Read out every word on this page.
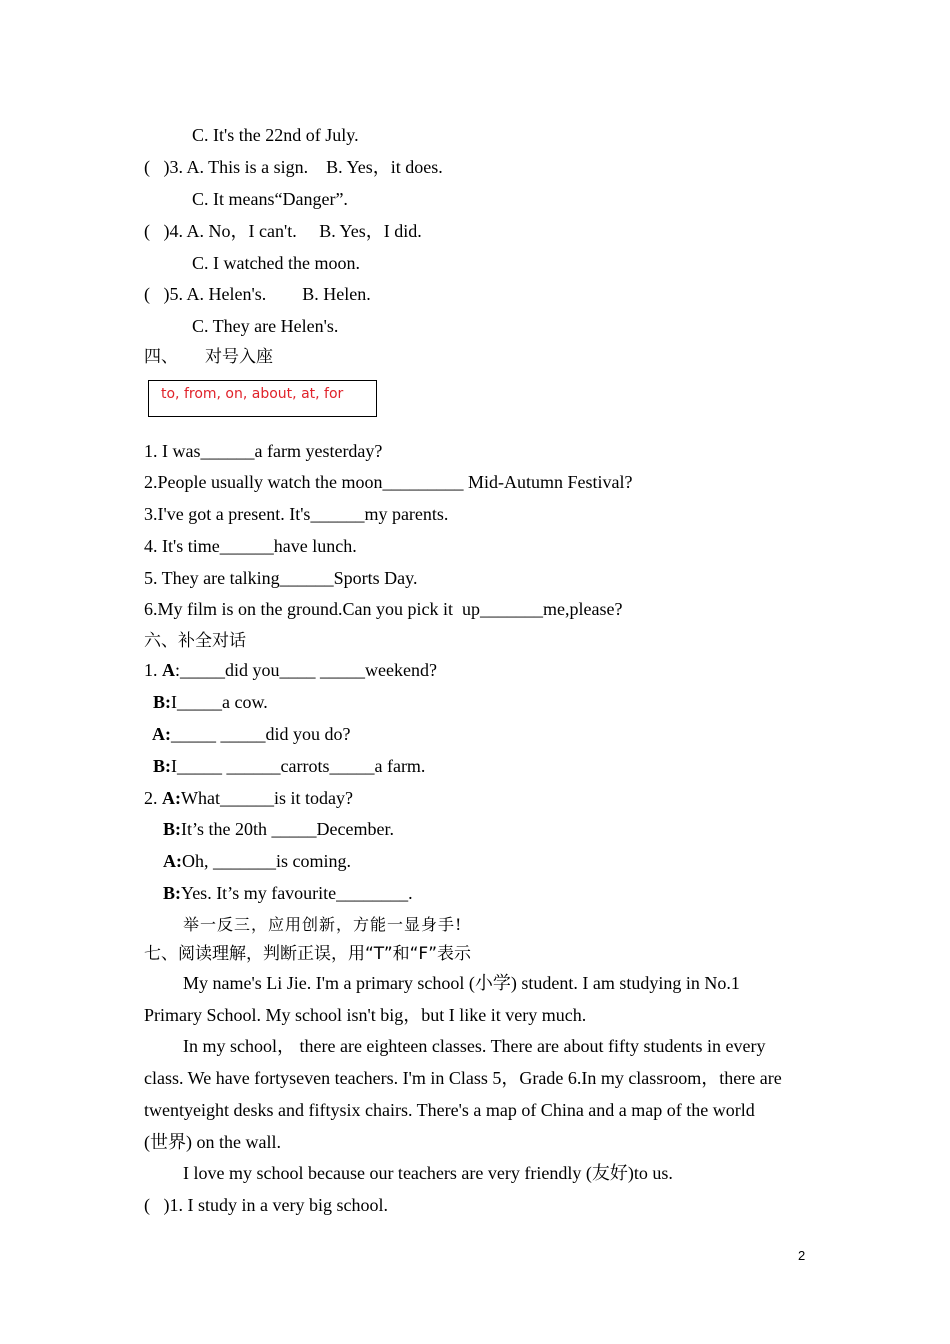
C. It's the 22nd of July.
(   )3. A. This is a sign.    B. Yes，it does.
C. It means“Danger”.
(   )4. A. No，I can't.     B. Yes，I did.
C. I watched the moon.
(   )5. A. Helen's.        B. Helen.
C. They are Helen's.
四、     对号入座
to, from, on, about, at, for
1. I was______a farm yesterday?
2.People usually watch the moon_________ Mid-Autumn Festival?
3.I've got a present. It's______my parents.
4. It's time______have lunch.
5. They are talking______Sports Day.
6.My film is on the ground.Can you pick it  up_______me,please?
六、补全对话
1. A:_____did you____ _____weekend?
B:I_____a cow.
A:_____ _____did you do?
B:I_____ ______carrots_____a farm.
2. A:What______is it today?
B:It’s the 20th _____December.
A:Oh, _______is coming.
B:Yes. It’s my favourite________.
举一反三，应用创新，方能一显身手!
七、阅读理解，判断正误，用“T”和“F”表示
My name's Li Jie. I'm a primary school (小学) student. I am studying in No.1
Primary School. My school isn't big，but I like it very much.
In my school， there are eighteen classes. There are about fifty students in every
class. We have fortyseven teachers. I'm in Class 5，Grade 6.In my classroom，there are
twentyeight desks and fiftysix chairs. There's a map of China and a map of the world
(世界) on the wall.
I love my school because our teachers are very friendly (友好)to us.
(   )1. I study in a very big school.
2
